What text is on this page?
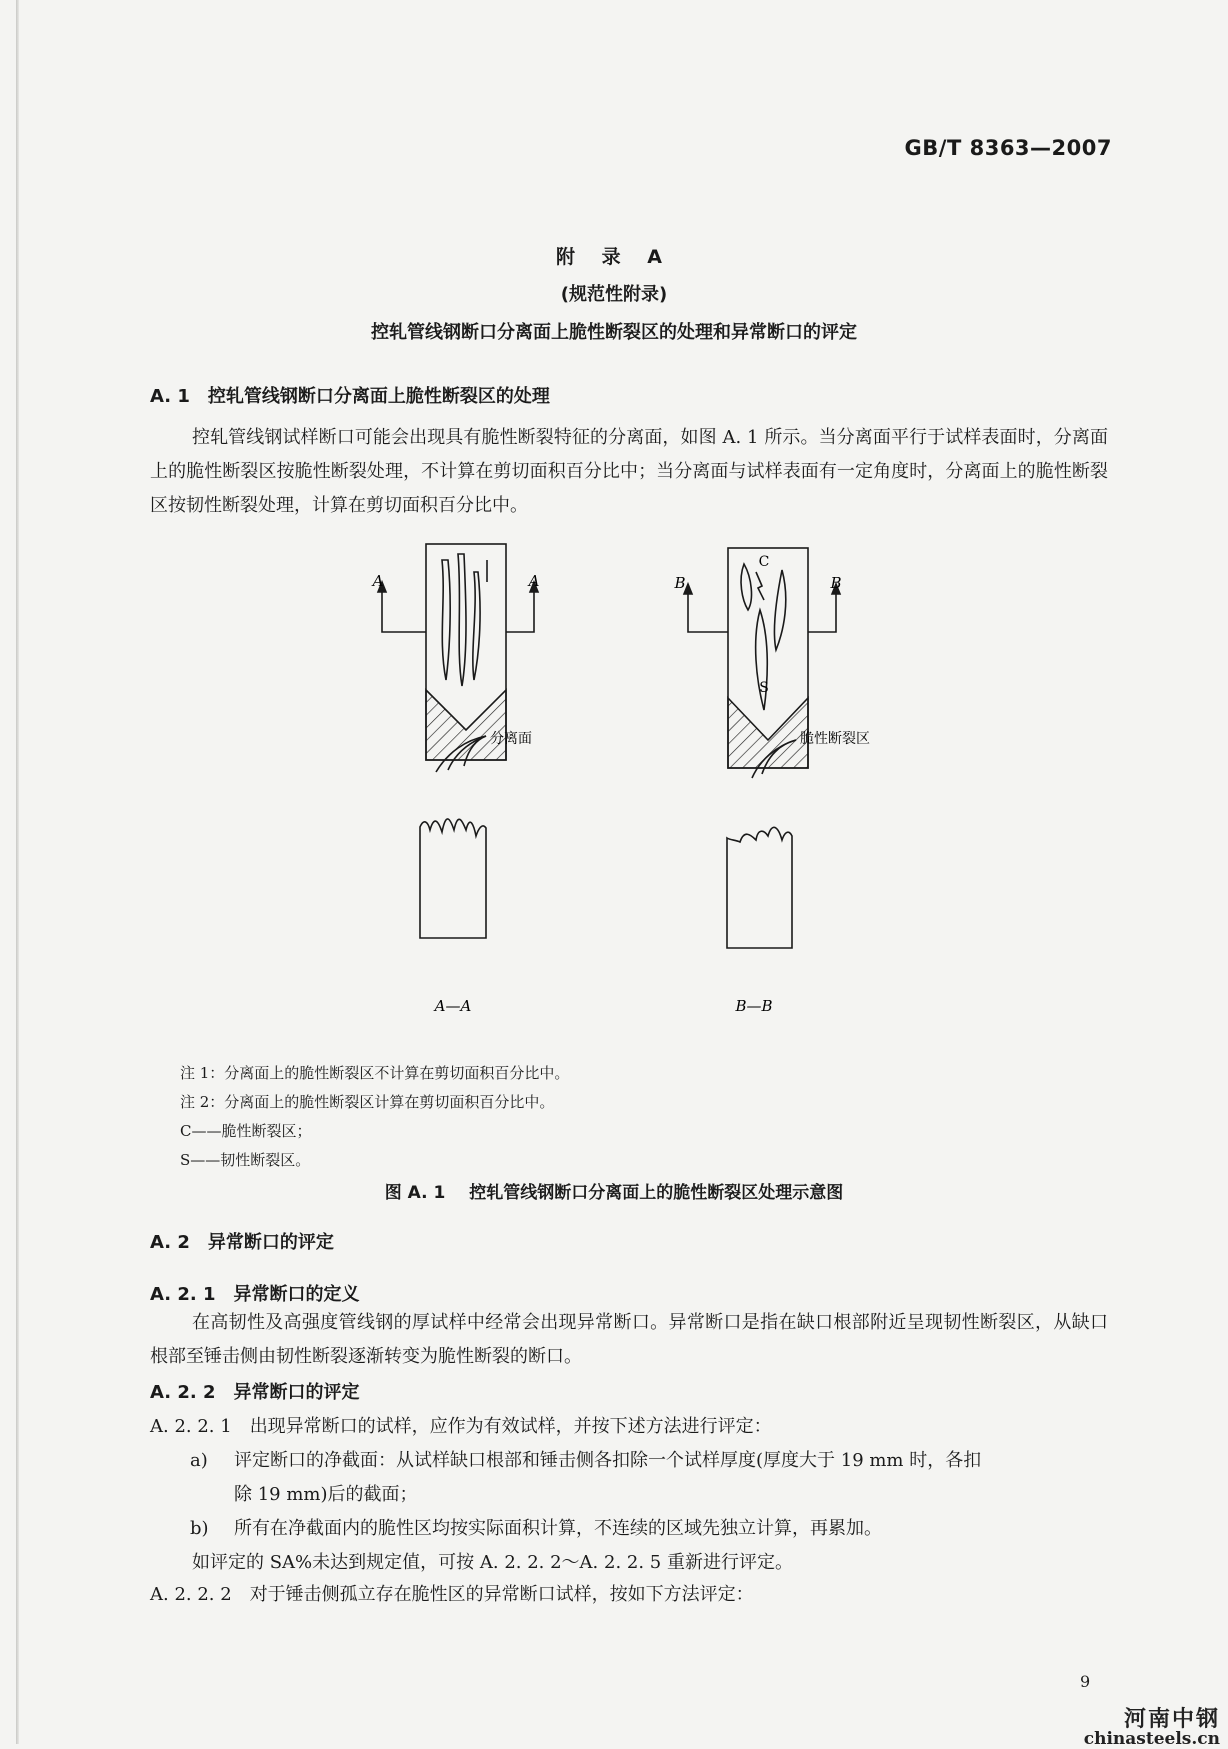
GB/T 8363—2007
附 录 A
(规范性附录)
控轧管线钢断口分离面上脆性断裂区的处理和异常断口的评定
A. 1 控轧管线钢断口分离面上脆性断裂区的处理
控轧管线钢试样断口可能会出现具有脆性断裂特征的分离面，如图 A. 1 所示。当分离面平行于试样表面时，分离面上的脆性断裂区按脆性断裂处理，不计算在剪切面积百分比中；当分离面与试样表面有一定角度时，分离面上的脆性断裂区按韧性断裂处理，计算在剪切面积百分比中。
A	A	B	B
C
S
分离面
A—A
脆性断裂区
B—B
注 1：分离面上的脆性断裂区不计算在剪切面积百分比中。
注 2：分离面上的脆性断裂区计算在剪切面积百分比中。
C——脆性断裂区；
S——韧性断裂区。
图 A. 1 控轧管线钢断口分离面上的脆性断裂区处理示意图
A. 2 异常断口的评定
A. 2. 1 异常断口的定义
在高韧性及高强度管线钢的厚试样中经常会出现异常断口。异常断口是指在缺口根部附近呈现韧性断裂区，从缺口根部至锤击侧由韧性断裂逐渐转变为脆性断裂的断口。
A. 2. 2 异常断口的评定
A. 2. 2. 1 出现异常断口的试样，应作为有效试样，并按下述方法进行评定：
a) 评定断口的净截面：从试样缺口根部和锤击侧各扣除一个试样厚度(厚度大于 19 mm 时，各扣
除 19 mm)后的截面；
b) 所有在净截面内的脆性区均按实际面积计算，不连续的区域先独立计算，再累加。
如评定的 SA%未达到规定值，可按 A. 2. 2. 2～A. 2. 2. 5 重新进行评定。
A. 2. 2. 2 对于锤击侧孤立存在脆性区的异常断口试样，按如下方法评定：
9
河南中钢
chinasteels.cn
